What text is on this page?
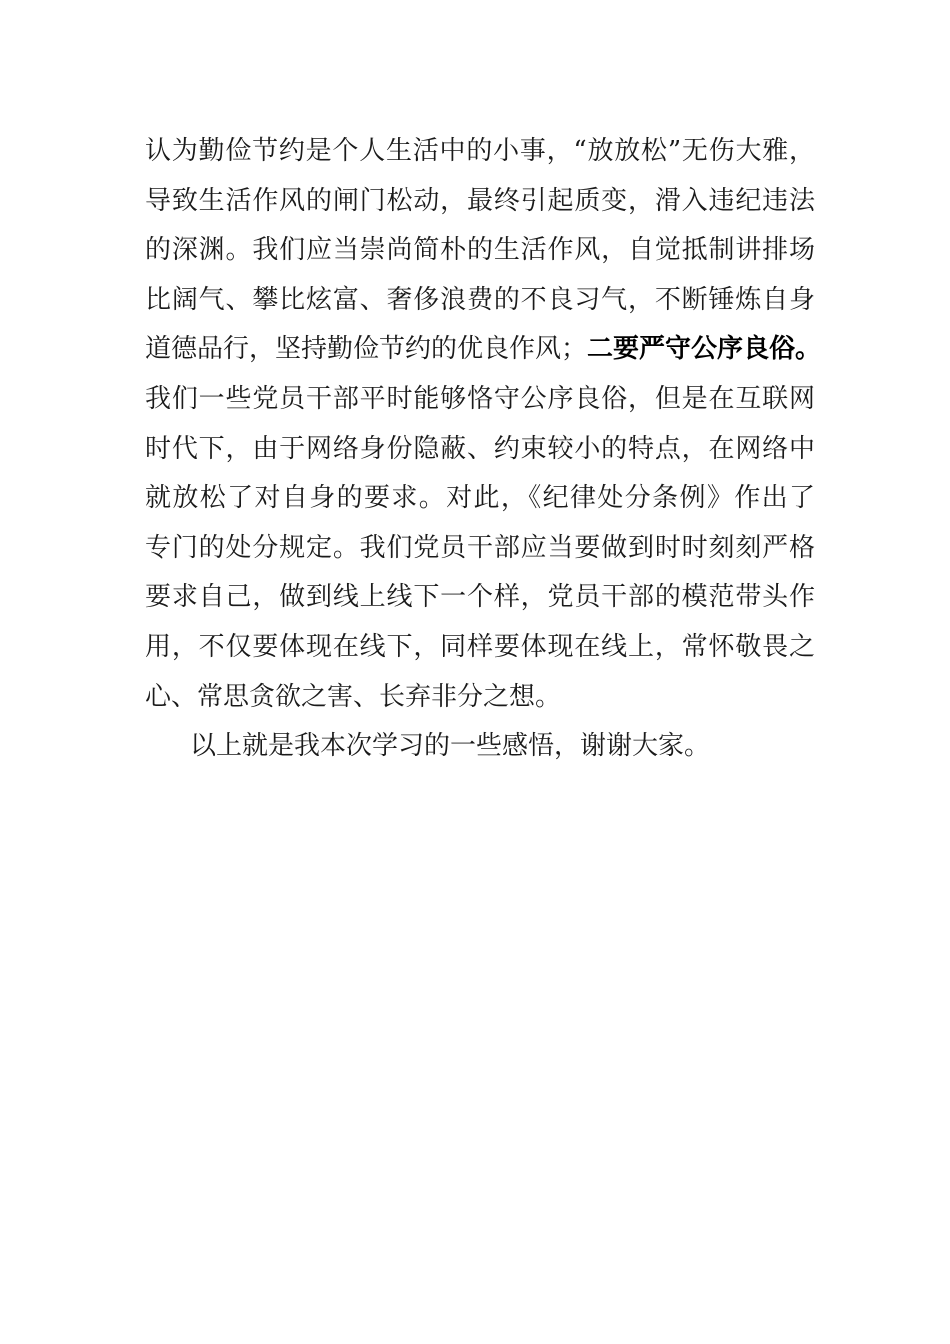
认为勤俭节约是个人生活中的小事，“放放松”无伤大雅，
导致生活作风的闸门松动，最终引起质变，滑入违纪违法
的深渊。我们应当崇尚简朴的生活作风，自觉抵制讲排场
比阔气、攀比炫富、奢侈浪费的不良习气，不断锤炼自身
道德品行，坚持勤俭节约的优良作风；二要严守公序良俗。
我们一些党员干部平时能够恪守公序良俗，但是在互联网
时代下，由于网络身份隐蔽、约束较小的特点，在网络中
就放松了对自身的要求。对此，《纪律处分条例》作出了
专门的处分规定。我们党员干部应当要做到时时刻刻严格
要求自己，做到线上线下一个样，党员干部的模范带头作
用，不仅要体现在线下，同样要体现在线上，常怀敬畏之
心、常思贪欲之害、长弃非分之想。
以上就是我本次学习的一些感悟，谢谢大家。
